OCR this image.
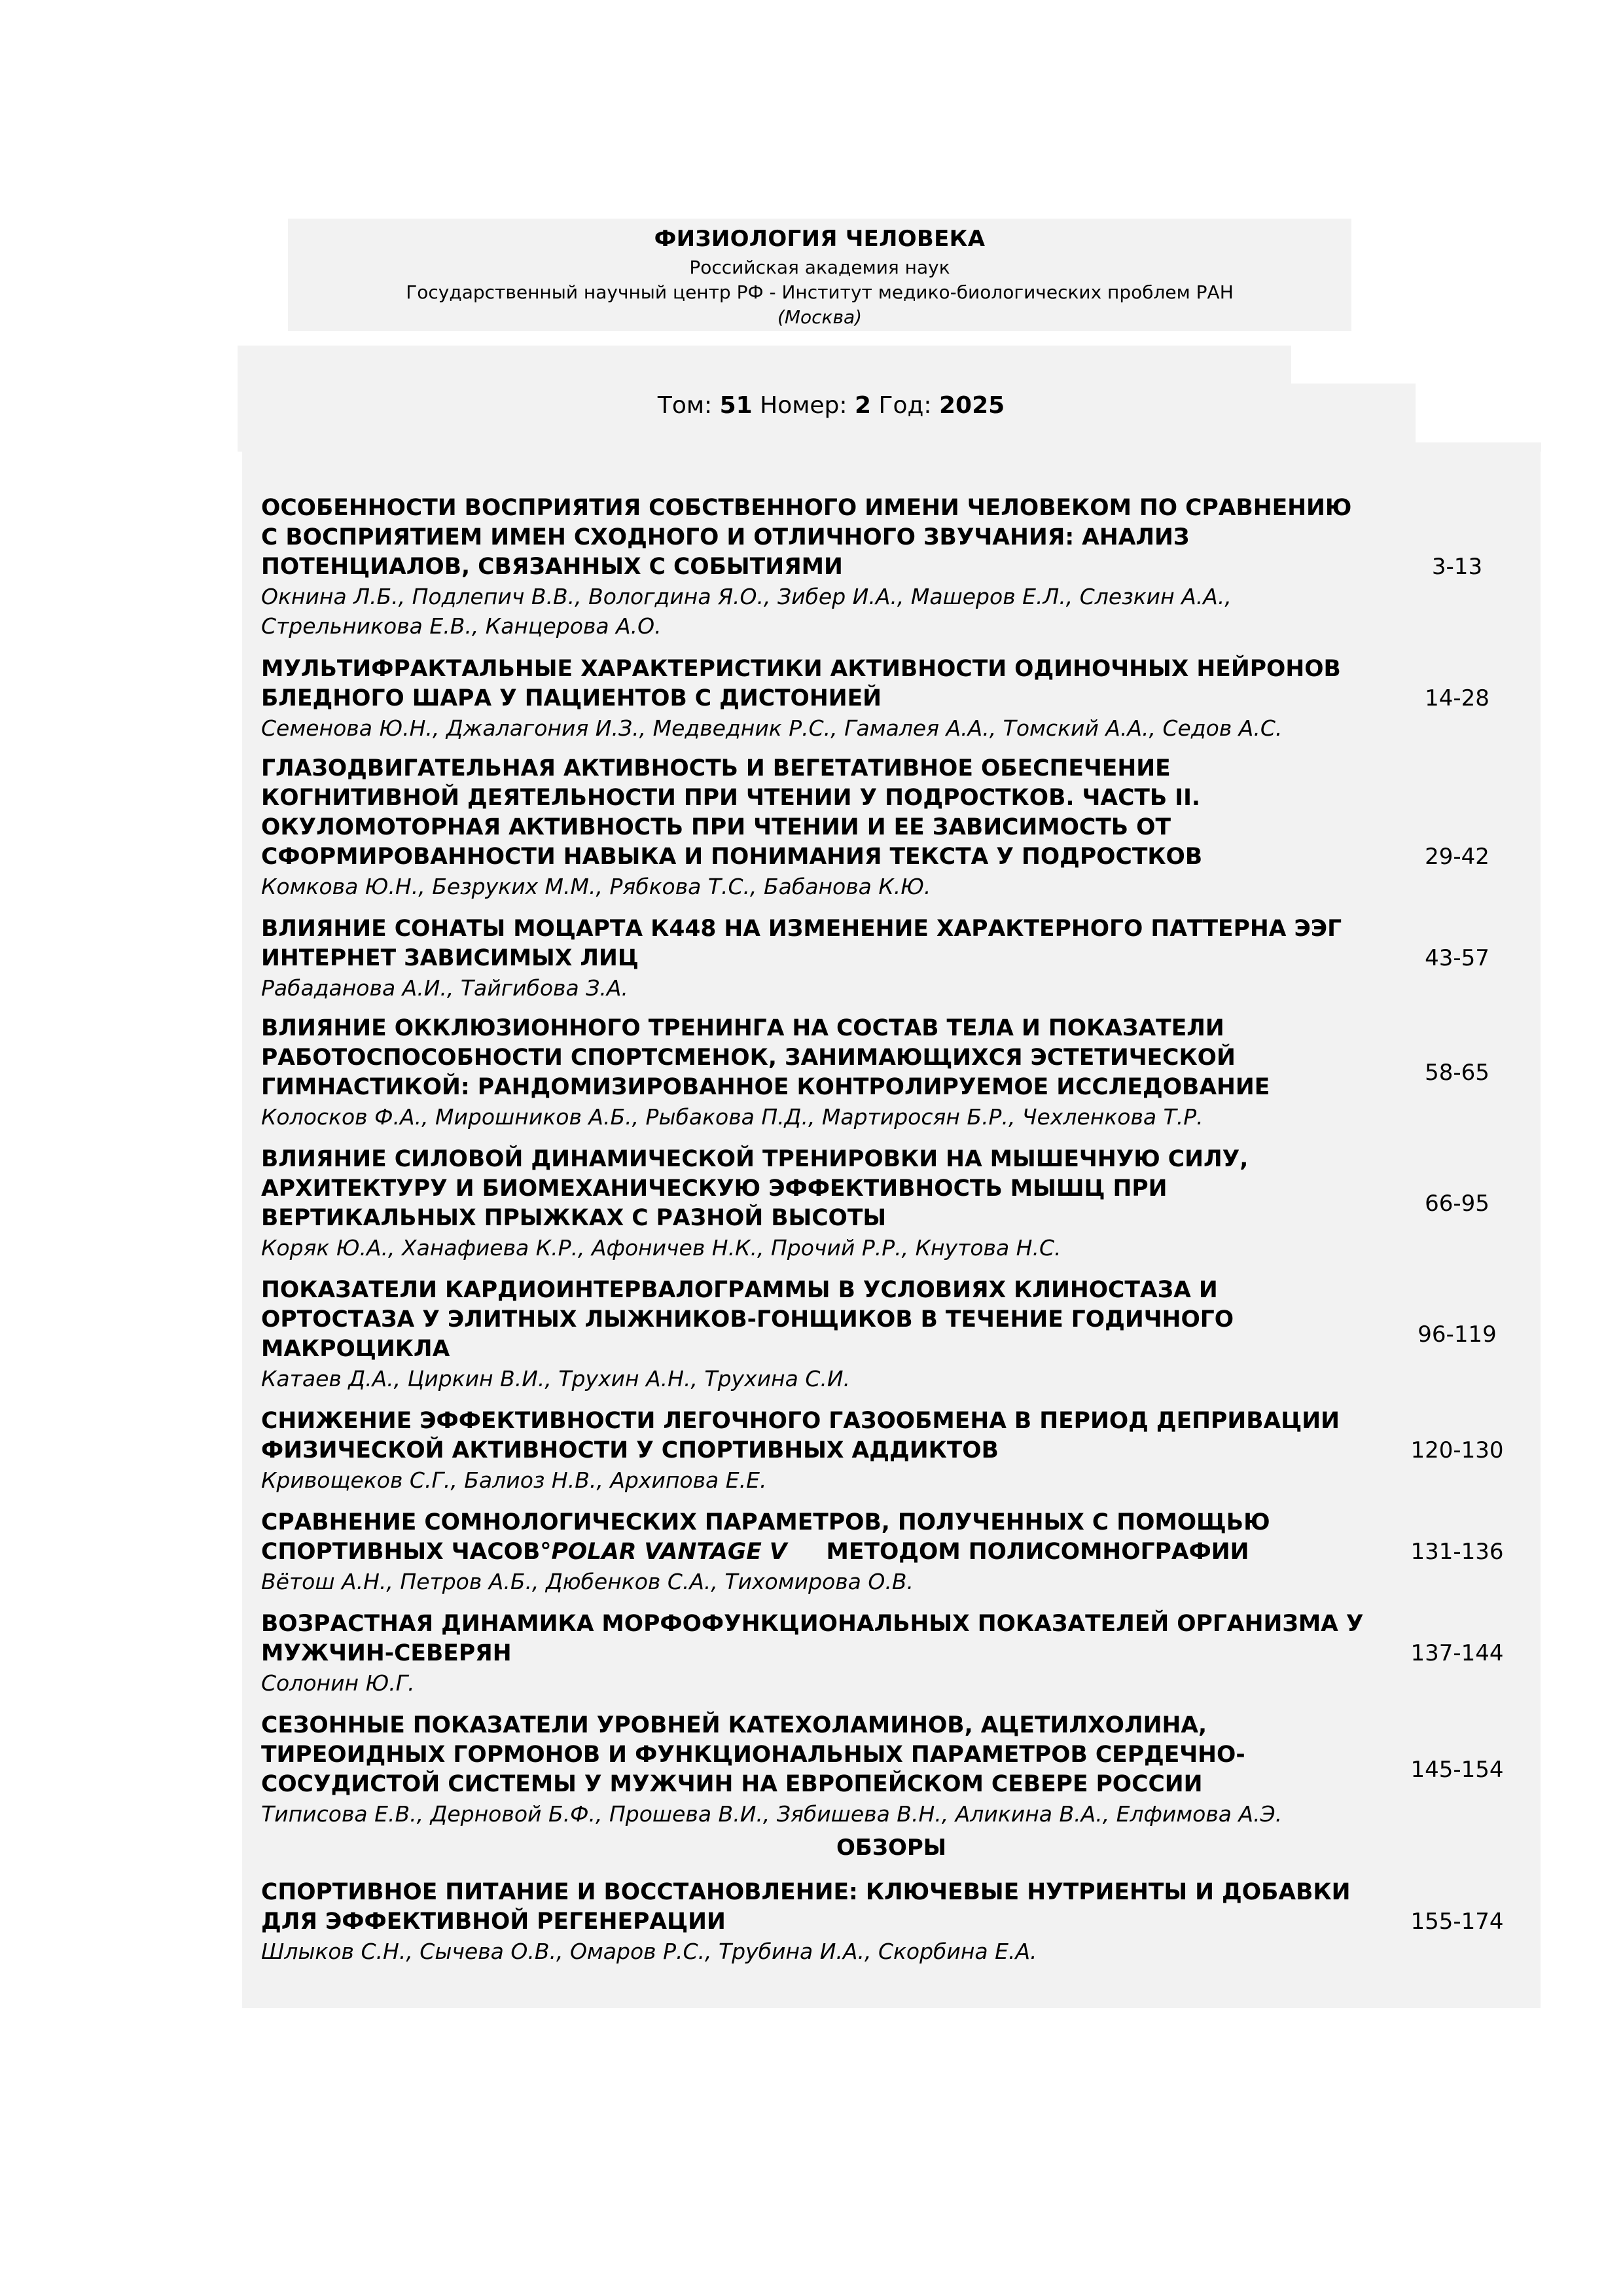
ФИЗИОЛОГИЯ ЧЕЛОВЕКА
Российская академия наук
Государственный научный центр РФ - Институт медико-биологических проблем РАН
(Москва)
Том: 51 Номер: 2 Год: 2025
ОСОБЕННОСТИ ВОСПРИЯТИЯ СОБСТВЕННОГО ИМЕНИ ЧЕЛОВЕКОМ ПО СРАВНЕНИЮ
С ВОСПРИЯТИЕМ ИМЕН СХОДНОГО И ОТЛИЧНОГО ЗВУЧАНИЯ: АНАЛИЗ
ПОТЕНЦИАЛОВ, СВЯЗАННЫХ С СОБЫТИЯМИ
Окнина Л.Б., Подлепич В.В., Вологдина Я.О., Зибер И.А., Машеров Е.Л., Слезкин А.А.,
Стрельникова Е.В., Канцерова А.О.
3-13
МУЛЬТИФРАКТАЛЬНЫЕ ХАРАКТЕРИСТИКИ АКТИВНОСТИ ОДИНОЧНЫХ НЕЙРОНОВ
БЛЕДНОГО ШАРА У ПАЦИЕНТОВ С ДИСТОНИЕЙ
Семенова Ю.Н., Джалагония И.З., Медведник Р.С., Гамалея А.А., Томский А.А., Седов А.С.
14-28
ГЛАЗОДВИГАТЕЛЬНАЯ АКТИВНОСТЬ И ВЕГЕТАТИВНОЕ ОБЕСПЕЧЕНИЕ
КОГНИТИВНОЙ ДЕЯТЕЛЬНОСТИ ПРИ ЧТЕНИИ У ПОДРОСТКОВ. ЧАСТЬ II.
ОКУЛОМОТОРНАЯ АКТИВНОСТЬ ПРИ ЧТЕНИИ И ЕЕ ЗАВИСИМОСТЬ ОТ
СФОРМИРОВАННОСТИ НАВЫКА И ПОНИМАНИЯ ТЕКСТА У ПОДРОСТКОВ
Комкова Ю.Н., Безруких М.М., Рябкова Т.С., Бабанова К.Ю.
29-42
ВЛИЯНИЕ СОНАТЫ МОЦАРТА К448 НА ИЗМЕНЕНИЕ ХАРАКТЕРНОГО ПАТТЕРНА ЭЭГ
ИНТЕРНЕТ ЗАВИСИМЫХ ЛИЦ
Рабаданова А.И., Тайгибова З.А.
43-57
ВЛИЯНИЕ ОККЛЮЗИОННОГО ТРЕНИНГА НА СОСТАВ ТЕЛА И ПОКАЗАТЕЛИ
РАБОТОСПОСОБНОСТИ СПОРТСМЕНОК, ЗАНИМАЮЩИХСЯ ЭСТЕТИЧЕСКОЙ
ГИМНАСТИКОЙ: РАНДОМИЗИРОВАННОЕ КОНТРОЛИРУЕМОЕ ИССЛЕДОВАНИЕ
Колосков Ф.А., Мирошников А.Б., Рыбакова П.Д., Мартиросян Б.Р., Чехленкова Т.Р.
58-65
ВЛИЯНИЕ СИЛОВОЙ ДИНАМИЧЕСКОЙ ТРЕНИРОВКИ НА МЫШЕЧНУЮ СИЛУ,
АРХИТЕКТУРУ И БИОМЕХАНИЧЕСКУЮ ЭФФЕКТИВНОСТЬ МЫШЦ ПРИ
ВЕРТИКАЛЬНЫХ ПРЫЖКАХ С РАЗНОЙ ВЫСОТЫ
Коряк Ю.А., Ханафиева К.Р., Афоничев Н.К., Прочий Р.Р., Кнутова Н.С.
66-95
ПОКАЗАТЕЛИ КАРДИОИНТЕРВАЛОГРАММЫ В УСЛОВИЯХ КЛИНОСТАЗА И
ОРТОСТАЗА У ЭЛИТНЫХ ЛЫЖНИКОВ-ГОНЩИКОВ В ТЕЧЕНИЕ ГОДИЧНОГО
МАКРОЦИКЛА
Катаев Д.А., Циркин В.И., Трухин А.Н., Трухина С.И.
96-119
СНИЖЕНИЕ ЭФФЕКТИВНОСТИ ЛЕГОЧНОГО ГАЗООБМЕНА В ПЕРИОД ДЕПРИВАЦИИ
ФИЗИЧЕСКОЙ АКТИВНОСТИ У СПОРТИВНЫХ АДДИКТОВ
Кривощеков С.Г., Балиоз Н.В., Архипова Е.Е.
120-130
СРАВНЕНИЕ СОМНОЛОГИЧЕСКИХ ПАРАМЕТРОВ, ПОЛУЧЕННЫХ С ПОМОЩЬЮ
СПОРТИВНЫХ ЧАСОВ°POLAR VANTAGE V     МЕТОДОМ ПОЛИСОМНОГРАФИИ
Вётош А.Н., Петров А.Б., Дюбенков С.А., Тихомирова О.В.
131-136
ВОЗРАСТНАЯ ДИНАМИКА МОРФОФУНКЦИОНАЛЬНЫХ ПОКАЗАТЕЛЕЙ ОРГАНИЗМА У
МУЖЧИН-СЕВЕРЯН
Солонин Ю.Г.
137-144
СЕЗОННЫЕ ПОКАЗАТЕЛИ УРОВНЕЙ КАТЕХОЛАМИНОВ, АЦЕТИЛХОЛИНА,
ТИРЕОИДНЫХ ГОРМОНОВ И ФУНКЦИОНАЛЬНЫХ ПАРАМЕТРОВ СЕРДЕЧНО-
СОСУДИСТОЙ СИСТЕМЫ У МУЖЧИН НА ЕВРОПЕЙСКОМ СЕВЕРЕ РОССИИ
Типисова Е.В., Дерновой Б.Ф., Прошева В.И., Зябишева В.Н., Аликина В.А., Елфимова А.Э.
145-154
ОБЗОРЫ
СПОРТИВНОЕ ПИТАНИЕ И ВОССТАНОВЛЕНИЕ: КЛЮЧЕВЫЕ НУТРИЕНТЫ И ДОБАВКИ
ДЛЯ ЭФФЕКТИВНОЙ РЕГЕНЕРАЦИИ
Шлыков С.Н., Сычева О.В., Омаров Р.С., Трубина И.А., Скорбина Е.А.
155-174
